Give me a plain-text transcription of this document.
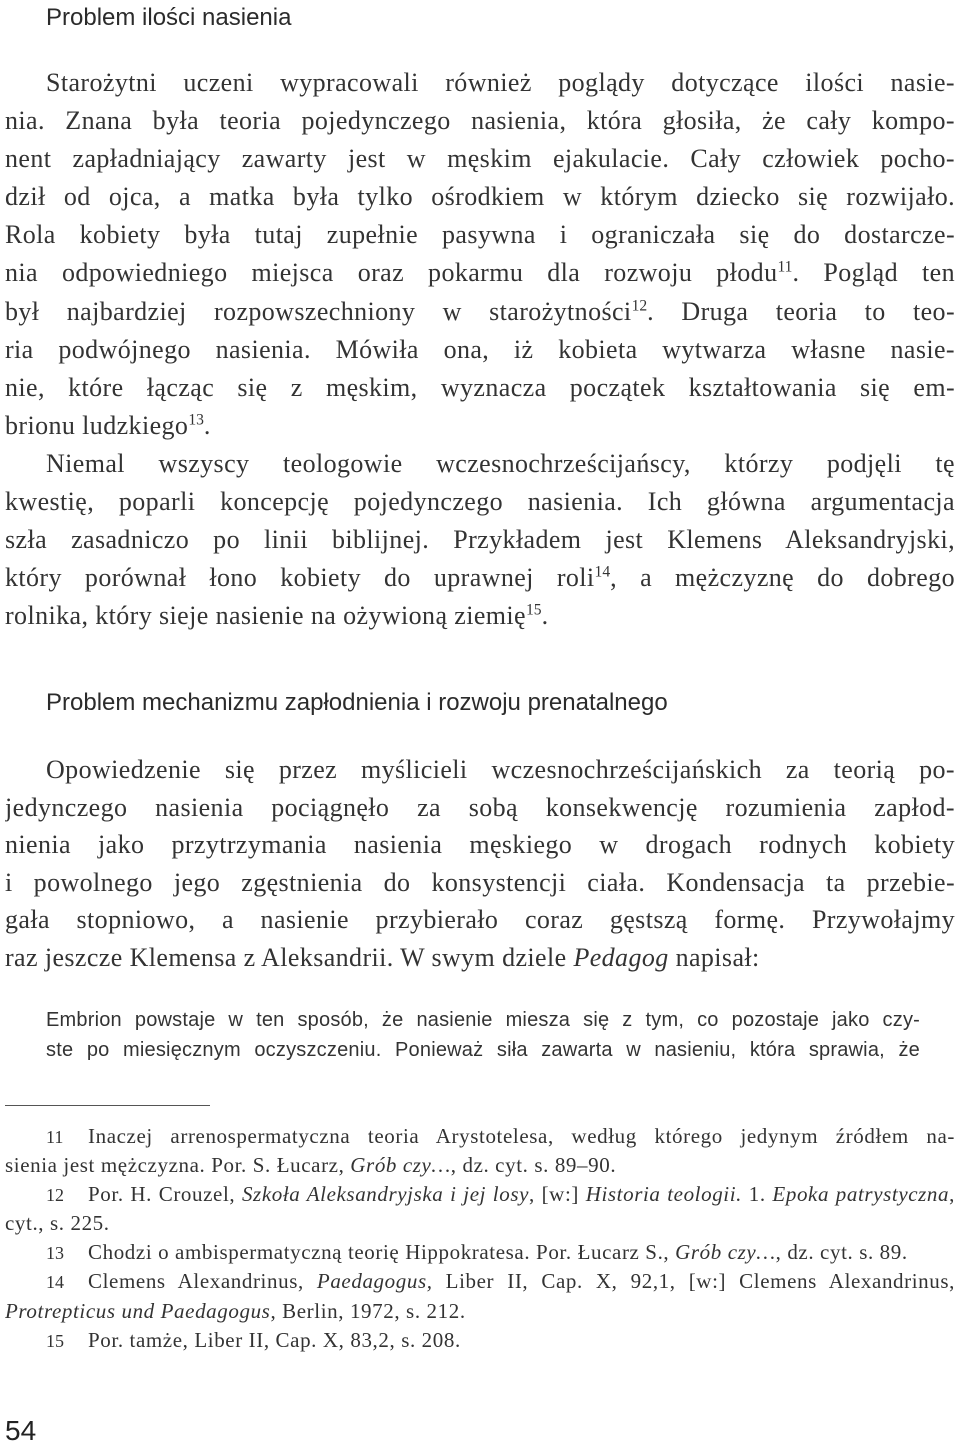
Problem ilości nasienia
Starożytni uczeni wypracowali również poglądy dotyczące ilości nasie-
nia. Znana była teoria pojedynczego nasienia, która głosiła, że cały kompo-
nent zapładniający zawarty jest w męskim ejakulacie. Cały człowiek pocho-
dził od ojca, a matka była tylko ośrodkiem w którym dziecko się rozwijało.
Rola kobiety była tutaj zupełnie pasywna i ograniczała się do dostarcze-
nia odpowiedniego miejsca oraz pokarmu dla rozwoju płodu$^{11}$. Pogląd ten
był najbardziej rozpowszechniony w starożytności$^{12}$. Druga teoria to teo-
ria podwójnego nasienia. Mówiła ona, iż kobieta wytwarza własne nasie-
nie, które łącząc się z męskim, wyznacza początek kształtowania się em-
brionu ludzkiego$^{13}$.
Niemal wszyscy teologowie wczesnochrześcijańscy, którzy podjęli tę
kwestię, poparli koncepcję pojedynczego nasienia. Ich główna argumentacja
szła zasadniczo po linii biblijnej. Przykładem jest Klemens Aleksandryjski,
który porównał łono kobiety do uprawnej roli$^{14}$, a mężczyznę do dobrego
rolnika, który sieje nasienie na ożywioną ziemię$^{15}$.
Problem mechanizmu zapłodnienia i rozwoju prenatalnego
Opowiedzenie się przez myślicieli wczesnochrześcijańskich za teorią po-
jedynczego nasienia pociągnęło za sobą konsekwencję rozumienia zapłod-
nienia jako przytrzymania nasienia męskiego w drogach rodnych kobiety
i powolnego jego zgęstnienia do konsystencji ciała. Kondensacja ta przebie-
gała stopniowo, a nasienie przybierało coraz gęstszą formę. Przywołajmy
raz jeszcze Klemensa z Aleksandrii. W swym dziele Pedagog napisał:
Embrion powstaje w ten sposób, że nasienie miesza się z tym, co pozostaje jako czy-
ste po miesięcznym oczyszczeniu. Ponieważ siła zawarta w nasieniu, która sprawia, że
11 Inaczej arrenospermatyczna teoria Arystotelesa, według którego jedynym źródłem na-
sienia jest mężczyzna. Por. S. Łucarz, Grób czy…, dz. cyt. s. 89–90.
12 Por. H. Crouzel, Szkoła Aleksandryjska i jej losy, [w:] Historia teologii. 1. Epoka patrystyczna,
cyt., s. 225.
13 Chodzi o ambispermatyczną teorię Hippokratesa. Por. Łucarz S., Grób czy…, dz. cyt. s. 89.
14 Clemens Alexandrinus, Paedagogus, Liber II, Cap. X, 92,1, [w:] Clemens Alexandrinus,
Protrepticus und Paedagogus, Berlin, 1972, s. 212.
15 Por. tamże, Liber II, Cap. X, 83,2, s. 208.
54
